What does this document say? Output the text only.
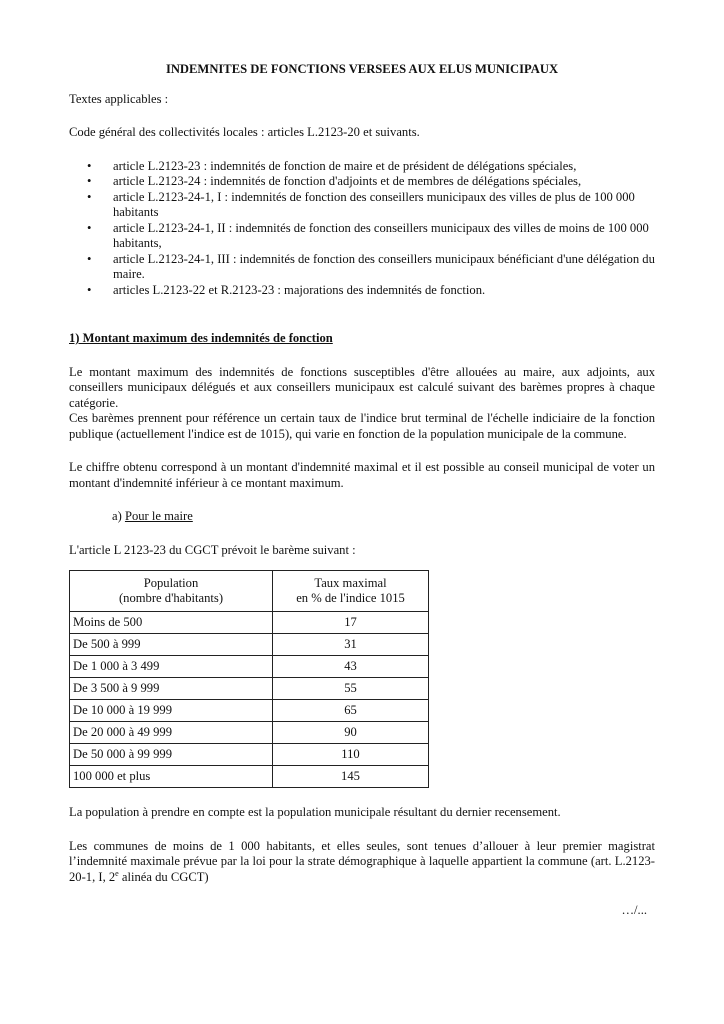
INDEMNITES DE FONCTIONS VERSEES AUX ELUS MUNICIPAUX

Textes applicables :

Code général des collectivités locales : articles L.2123-20 et suivants.

• article L.2123-23 : indemnités de fonction de maire et de président de délégations spéciales,
• article L.2123-24 : indemnités de fonction d'adjoints et de membres de délégations spéciales,
• article L.2123-24-1, I : indemnités de fonction des conseillers municipaux des villes de plus de 100 000 habitants
• article L.2123-24-1, II : indemnités de fonction des conseillers municipaux des villes de moins de 100 000 habitants,
• article L.2123-24-1, III : indemnités de fonction des conseillers municipaux bénéficiant d'une délégation du maire.
• articles L.2123-22 et R.2123-23 : majorations des indemnités de fonction.

1) Montant maximum des indemnités de fonction

Le montant maximum des indemnités de fonctions susceptibles d'être allouées au maire, aux adjoints, aux conseillers municipaux délégués et aux conseillers municipaux est calculé suivant des barèmes propres à chaque catégorie.

Ces barèmes prennent pour référence un certain taux de l'indice brut terminal de l'échelle indiciaire de la fonction publique (actuellement l'indice est de 1015), qui varie en fonction de la population municipale de la commune.

Le chiffre obtenu correspond à un montant d'indemnité maximal et il est possible au conseil municipal de voter un montant d'indemnité inférieur à ce montant maximum.

a) Pour le maire

L'article L 2123-23 du CGCT prévoit le barème suivant :

Population
(nombre d'habitants)	Taux maximal
en % de l'indice 1015
Moins de 500	17
De 500 à 999	31
De 1 000 à 3 499	43
De 3 500 à 9 999	55
De 10 000 à 19 999	65
De 20 000 à 49 999	90
De 50 000 à 99 999	110
100 000 et plus	145

La population à prendre en compte est la population municipale résultant du dernier recensement.

Les communes de moins de 1 000 habitants, et elles seules, sont tenues d’allouer à leur premier magistrat l’indemnité maximale prévue par la loi pour la strate démographique à laquelle appartient la commune (art. L.2123-20-1, I, 2e alinéa du CGCT)

…/...
